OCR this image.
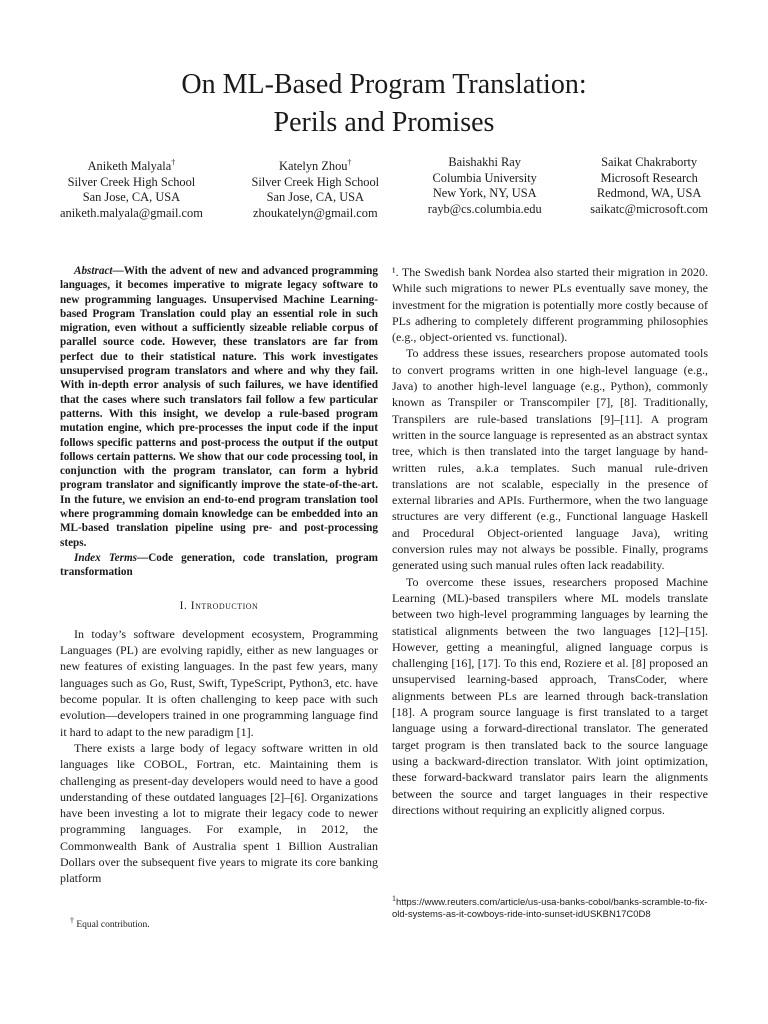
On ML-Based Program Translation:
Perils and Promises
Aniketh Malyala†
Silver Creek High School
San Jose, CA, USA
aniketh.malyala@gmail.com
Katelyn Zhou†
Silver Creek High School
San Jose, CA, USA
zhoukatelyn@gmail.com
Baishakhi Ray
Columbia University
New York, NY, USA
rayb@cs.columbia.edu
Saikat Chakraborty
Microsoft Research
Redmond, WA, USA
saikatc@microsoft.com

Abstract—With the advent of new and advanced programming languages, it becomes imperative to migrate legacy software to new programming languages. Unsupervised Machine Learning-based Program Translation could play an essential role in such migration, even without a sufficiently sizeable reliable corpus of parallel source code. However, these translators are far from perfect due to their statistical nature. This work investigates unsupervised program translators and where and why they fail. With in-depth error analysis of such failures, we have identified that the cases where such translators fail follow a few particular patterns. With this insight, we develop a rule-based program mutation engine, which pre-processes the input code if the input follows specific patterns and post-process the output if the output follows certain patterns. We show that our code processing tool, in conjunction with the program translator, can form a hybrid program translator and significantly improve the state-of-the-art. In the future, we envision an end-to-end program translation tool where programming domain knowledge can be embedded into an ML-based translation pipeline using pre- and post-processing steps.

Index Terms—Code generation, code translation, program transformation

I. Introduction

In today’s software development ecosystem, Programming Languages (PL) are evolving rapidly, either as new languages or new features of existing languages. In the past few years, many languages such as Go, Rust, Swift, TypeScript, Python3, etc. have become popular. It is often challenging to keep pace with such evolution—developers trained in one programming language find it hard to adapt to the new paradigm [1].

There exists a large body of legacy software written in old languages like COBOL, Fortran, etc. Maintaining them is challenging as present-day developers would need to have a good understanding of these outdated languages [2]–[6]. Organizations have been investing a lot to migrate their legacy code to newer programming languages. For example, in 2012, the Commonwealth Bank of Australia spent 1 Billion Australian Dollars over the subsequent five years to migrate its core banking platform

¹. The Swedish bank Nordea also started their migration in 2020. While such migrations to newer PLs eventually save money, the investment for the migration is potentially more costly because of PLs adhering to completely different programming philosophies (e.g., object-oriented vs. functional).

To address these issues, researchers propose automated tools to convert programs written in one high-level language (e.g., Java) to another high-level language (e.g., Python), commonly known as Transpiler or Transcompiler [7], [8]. Traditionally, Transpilers are rule-based translations [9]–[11]. A program written in the source language is represented as an abstract syntax tree, which is then translated into the target language by hand-written rules, a.k.a templates. Such manual rule-driven translations are not scalable, especially in the presence of external libraries and APIs. Furthermore, when the two language structures are very different (e.g., Functional language Haskell and Procedural Object-oriented language Java), writing conversion rules may not always be possible. Finally, programs generated using such manual rules often lack readability.

To overcome these issues, researchers proposed Machine Learning (ML)-based transpilers where ML models translate between two high-level programming languages by learning the statistical alignments between the two languages [12]–[15]. However, getting a meaningful, aligned language corpus is challenging [16], [17]. To this end, Roziere et al. [8] proposed an unsupervised learning-based approach, TransCoder, where alignments between PLs are learned through back-translation [18]. A program source language is first translated to a target language using a forward-directional translator. The generated target program is then translated back to the source language using a backward-direction translator. With joint optimization, these forward-backward translator pairs learn the alignments between the source and target languages in their respective directions without requiring an explicitly aligned corpus.

† Equal contribution.
$^1$https://www.reuters.com/article/us-usa-banks-cobol/banks-scramble-to-fix-old-systems-as-it-cowboys-ride-into-sunset-idUSKBN17C0D8
